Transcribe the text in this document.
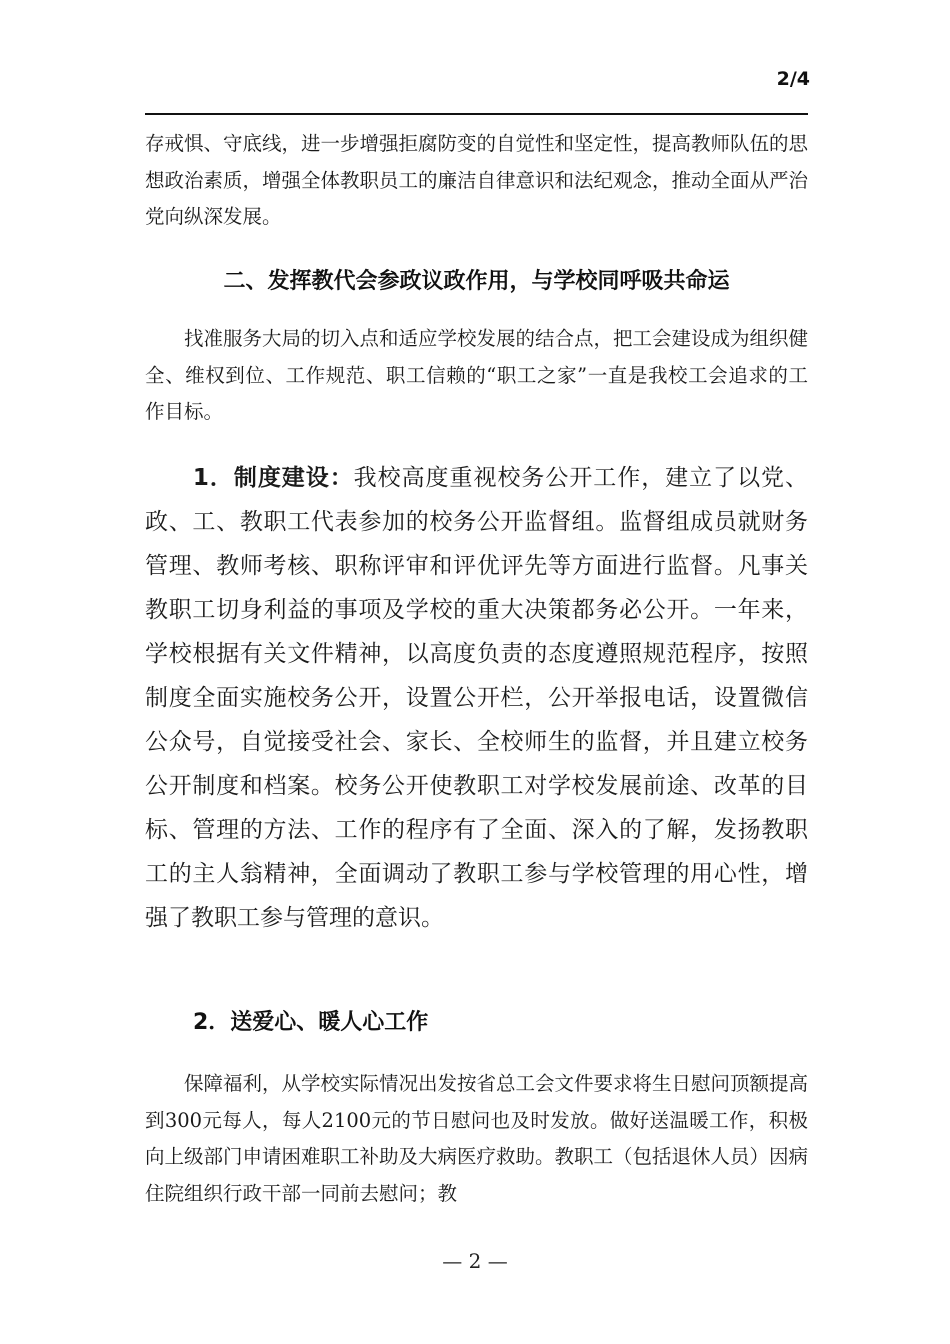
2/4

存戒惧、守底线，进一步增强拒腐防变的自觉性和坚定性，提高教师队伍的思想政治素质，增强全体教职员工的廉洁自律意识和法纪观念，推动全面从严治党向纵深发展。

二、发挥教代会参政议政作用，与学校同呼吸共命运

　　找准服务大局的切入点和适应学校发展的结合点，把工会建设成为组织健全、维权到位、工作规范、职工信赖的“职工之家”一直是我校工会追求的工作目标。

　　1．制度建设：我校高度重视校务公开工作，建立了以党、政、工、教职工代表参加的校务公开监督组。监督组成员就财务管理、教师考核、职称评审和评优评先等方面进行监督。凡事关教职工切身利益的事项及学校的重大决策都务必公开。一年来，学校根据有关文件精神，以高度负责的态度遵照规范程序，按照制度全面实施校务公开，设置公开栏，公开举报电话，设置微信公众号，自觉接受社会、家长、全校师生的监督，并且建立校务公开制度和档案。校务公开使教职工对学校发展前途、改革的目标、管理的方法、工作的程序有了全面、深入的了解，发扬教职工的主人翁精神，全面调动了教职工参与学校管理的用心性，增强了教职工参与管理的意识。

2．送爱心、暖人心工作

　　保障福利，从学校实际情况出发按省总工会文件要求将生日慰问顶额提高到300元每人，每人2100元的节日慰问也及时发放。做好送温暖工作，积极向上级部门申请困难职工补助及大病医疗救助。教职工（包括退休人员）因病住院组织行政干部一同前去慰问；教

— 2 —
